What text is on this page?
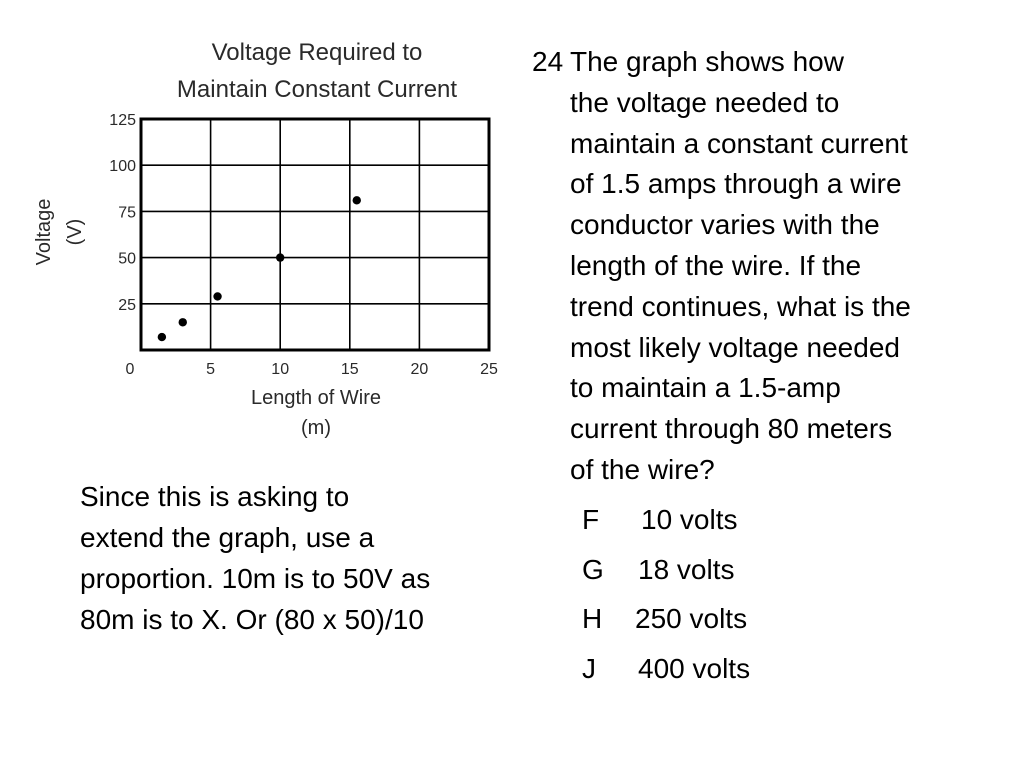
Voltage Required to
Maintain Constant Current
0	5	10	15	20	25
25
50
75
100
125
Voltage (V)
Length of Wire
(m)
24 The graph shows how
the voltage needed to
maintain a constant current
of 1.5 amps through a wire
conductor varies with the
length of the wire. If the
trend continues, what is the
most likely voltage needed
to maintain a 1.5-amp
current through 80 meters
of the wire?
F 10 volts
G 18 volts
H 250 volts
J 400 volts
Since this is asking to
extend the graph, use a
proportion. 10m is to 50V as
80m is to X. Or (80 x 50)/10
